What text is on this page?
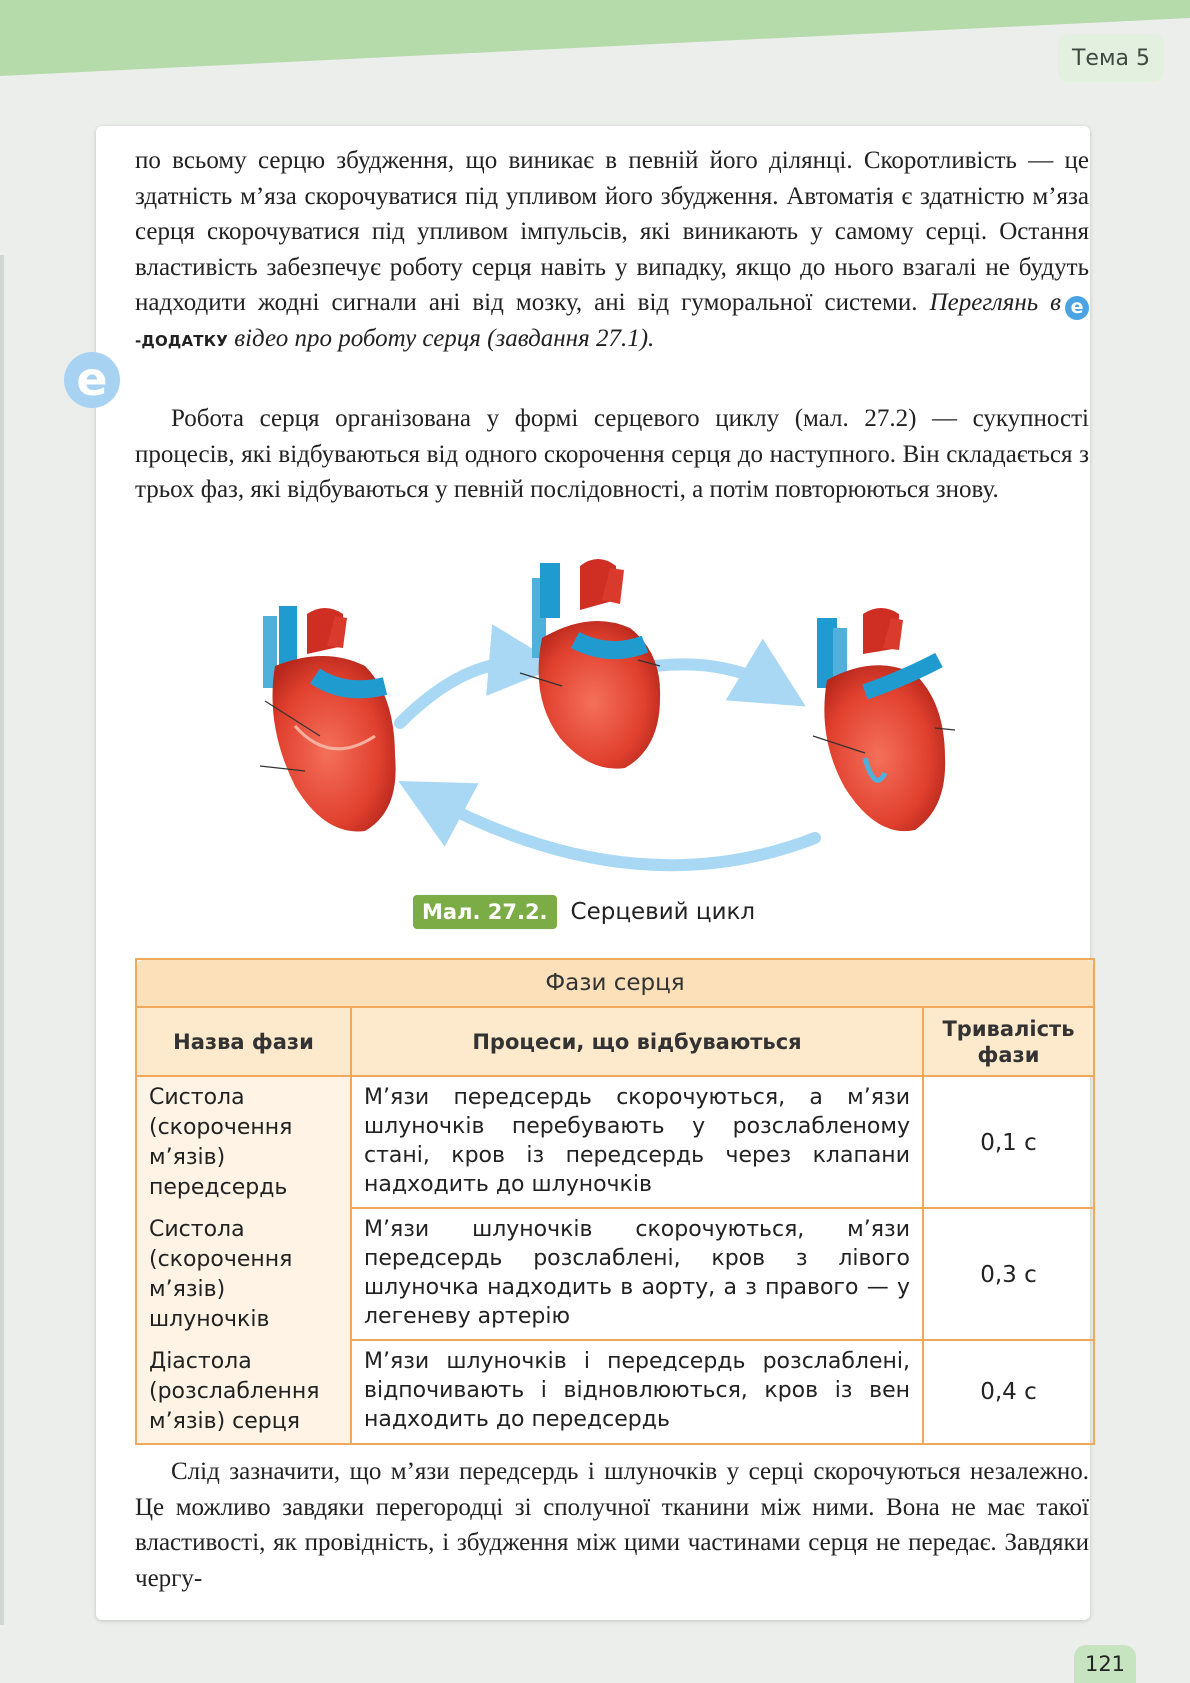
Тема 5
e

по всьому серцю збудження, що виникає в певній його ділянці. Скоротливість — це здатність м’яза скорочуватися під упливом його збудження. Автоматія є здатністю м’яза серця скорочуватися під упливом імпульсів, які виникають у самому серці. Остання властивість забезпечує роботу серця навіть у випадку, якщо до нього взагалі не будуть надходити жодні сигнали ані від мозку, ані від гуморальної системи. Переглянь в е-ДОДАТКУ відео про роботу серця (завдання 27.1).

Робота серця організована у формі серцевого циклу (мал. 27.2) — сукупності процесів, які відбуваються від одного скорочення серця до наступного. Він складається з трьох фаз, які відбуваються у певній послідовності, а потім повторюються знову.
Мал. 27.2.	Серцевий цикл
Фази серця
Назва фази	Процеси, що відбуваються
Тривалість фази
Систола (скорочення м’язів) передсердь
М’язи передсердь скорочуються, а м’язи шлуночків перебувають у розслабленому стані, кров із передсердь через клапани надходить до шлуночків
0,1 с
Систола (скорочення м’язів) шлуночків
М’язи шлуночків скорочуються, м’язи передсердь розслаблені, кров з лівого шлуночка надходить в аорту, а з правого — у легеневу артерію
0,3 с
Діастола (розслаблення м’язів) серця
М’язи шлуночків і передсердь розслаблені, відпочивають і відновлюються, кров із вен надходить до передсердь
0,4 с
Слід зазначити, що м’язи передсердь і шлуночків у серці скорочуються незалежно. Це можливо завдяки перегородці зі сполучної тканини між ними. Вона не має такої властивості, як провідність, і збудження між цими частинами серця не передає. Завдяки чергу-
121
